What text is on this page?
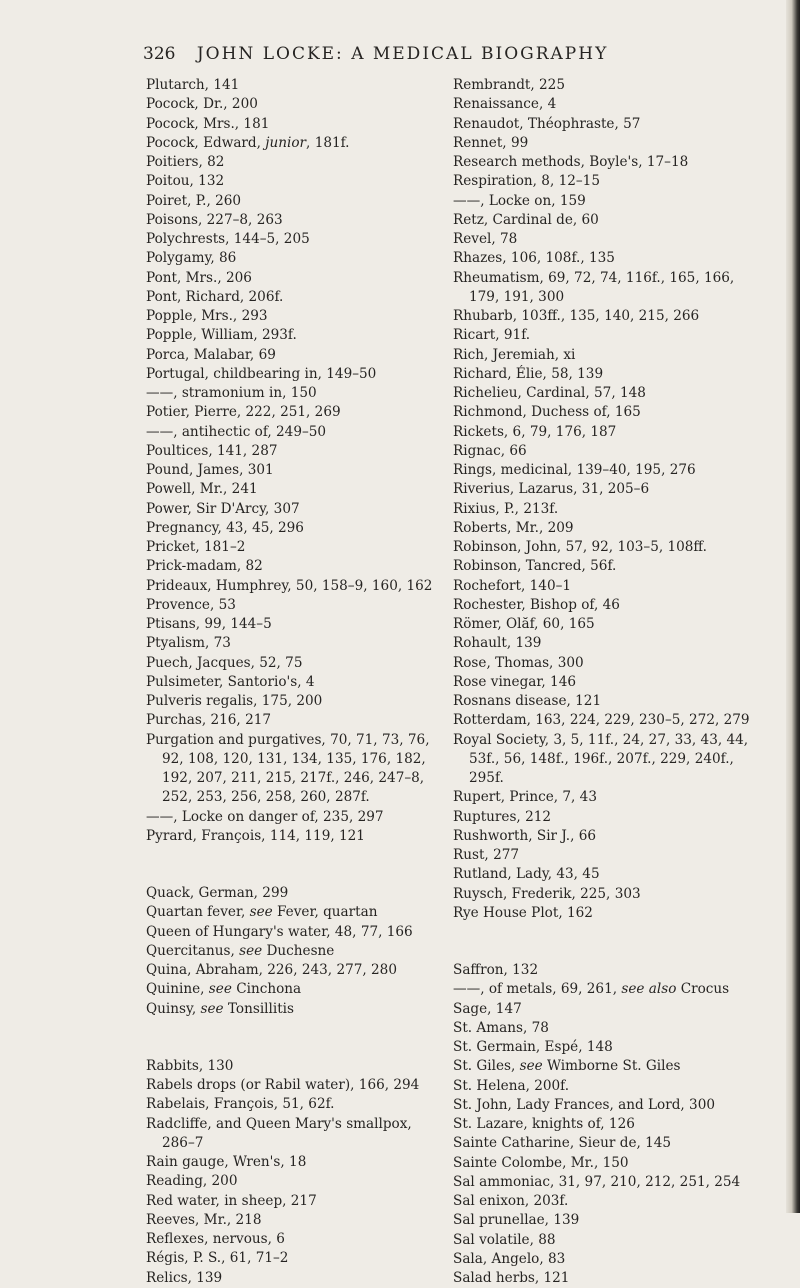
326 JOHN LOCKE: A MEDICAL BIOGRAPHY
Plutarch, 141
Pocock, Dr., 200
Pocock, Mrs., 181
Pocock, Edward, junior, 181f.
Poitiers, 82
Poitou, 132
Poiret, P., 260
Poisons, 227–8, 263
Polychrests, 144–5, 205
Polygamy, 86
Pont, Mrs., 206
Pont, Richard, 206f.
Popple, Mrs., 293
Popple, William, 293f.
Porca, Malabar, 69
Portugal, childbearing in, 149–50
——, stramonium in, 150
Potier, Pierre, 222, 251, 269
——, antihectic of, 249–50
Poultices, 141, 287
Pound, James, 301
Powell, Mr., 241
Power, Sir D'Arcy, 307
Pregnancy, 43, 45, 296
Pricket, 181–2
Prick-madam, 82
Prideaux, Humphrey, 50, 158–9, 160, 162
Provence, 53
Ptisans, 99, 144–5
Ptyalism, 73
Puech, Jacques, 52, 75
Pulsimeter, Santorio's, 4
Pulveris regalis, 175, 200
Purchas, 216, 217
Purgation and purgatives, 70, 71, 73, 76, 92, 108, 120, 131, 134, 135, 176, 182, 192, 207, 211, 215, 217f., 246, 247–8, 252, 253, 256, 258, 260, 287f.
——, Locke on danger of, 235, 297
Pyrard, François, 114, 119, 121
Quack, German, 299
Quartan fever, see Fever, quartan
Queen of Hungary's water, 48, 77, 166
Quercitanus, see Duchesne
Quina, Abraham, 226, 243, 277, 280
Quinine, see Cinchona
Quinsy, see Tonsillitis
Rabbits, 130
Rabels drops (or Rabil water), 166, 294
Rabelais, François, 51, 62f.
Radcliffe, and Queen Mary's smallpox, 286–7
Rain gauge, Wren's, 18
Reading, 200
Red water, in sheep, 217
Reeves, Mr., 218
Reflexes, nervous, 6
Régis, P. S., 61, 71–2
Relics, 139
Rembrandt, 225
Renaissance, 4
Renaudot, Théophraste, 57
Rennet, 99
Research methods, Boyle's, 17–18
Respiration, 8, 12–15
——, Locke on, 159
Retz, Cardinal de, 60
Revel, 78
Rhazes, 106, 108f., 135
Rheumatism, 69, 72, 74, 116f., 165, 166, 179, 191, 300
Rhubarb, 103ff., 135, 140, 215, 266
Ricart, 91f.
Rich, Jeremiah, xi
Richard, Élie, 58, 139
Richelieu, Cardinal, 57, 148
Richmond, Duchess of, 165
Rickets, 6, 79, 176, 187
Rignac, 66
Rings, medicinal, 139–40, 195, 276
Riverius, Lazarus, 31, 205–6
Rixius, P., 213f.
Roberts, Mr., 209
Robinson, John, 57, 92, 103–5, 108ff.
Robinson, Tancred, 56f.
Rochefort, 140–1
Rochester, Bishop of, 46
Römer, Olăf, 60, 165
Rohault, 139
Rose, Thomas, 300
Rose vinegar, 146
Rosnans disease, 121
Rotterdam, 163, 224, 229, 230–5, 272, 279
Royal Society, 3, 5, 11f., 24, 27, 33, 43, 44, 53f., 56, 148f., 196f., 207f., 229, 240f., 295f.
Rupert, Prince, 7, 43
Ruptures, 212
Rushworth, Sir J., 66
Rust, 277
Rutland, Lady, 43, 45
Ruysch, Frederik, 225, 303
Rye House Plot, 162
Saffron, 132
——, of metals, 69, 261, see also Crocus
Sage, 147
St. Amans, 78
St. Germain, Espé, 148
St. Giles, see Wimborne St. Giles
St. Helena, 200f.
St. John, Lady Frances, and Lord, 300
St. Lazare, knights of, 126
Sainte Catharine, Sieur de, 145
Sainte Colombe, Mr., 150
Sal ammoniac, 31, 97, 210, 212, 251, 254
Sal enixon, 203f.
Sal prunellae, 139
Sal volatile, 88
Sala, Angelo, 83
Salad herbs, 121
